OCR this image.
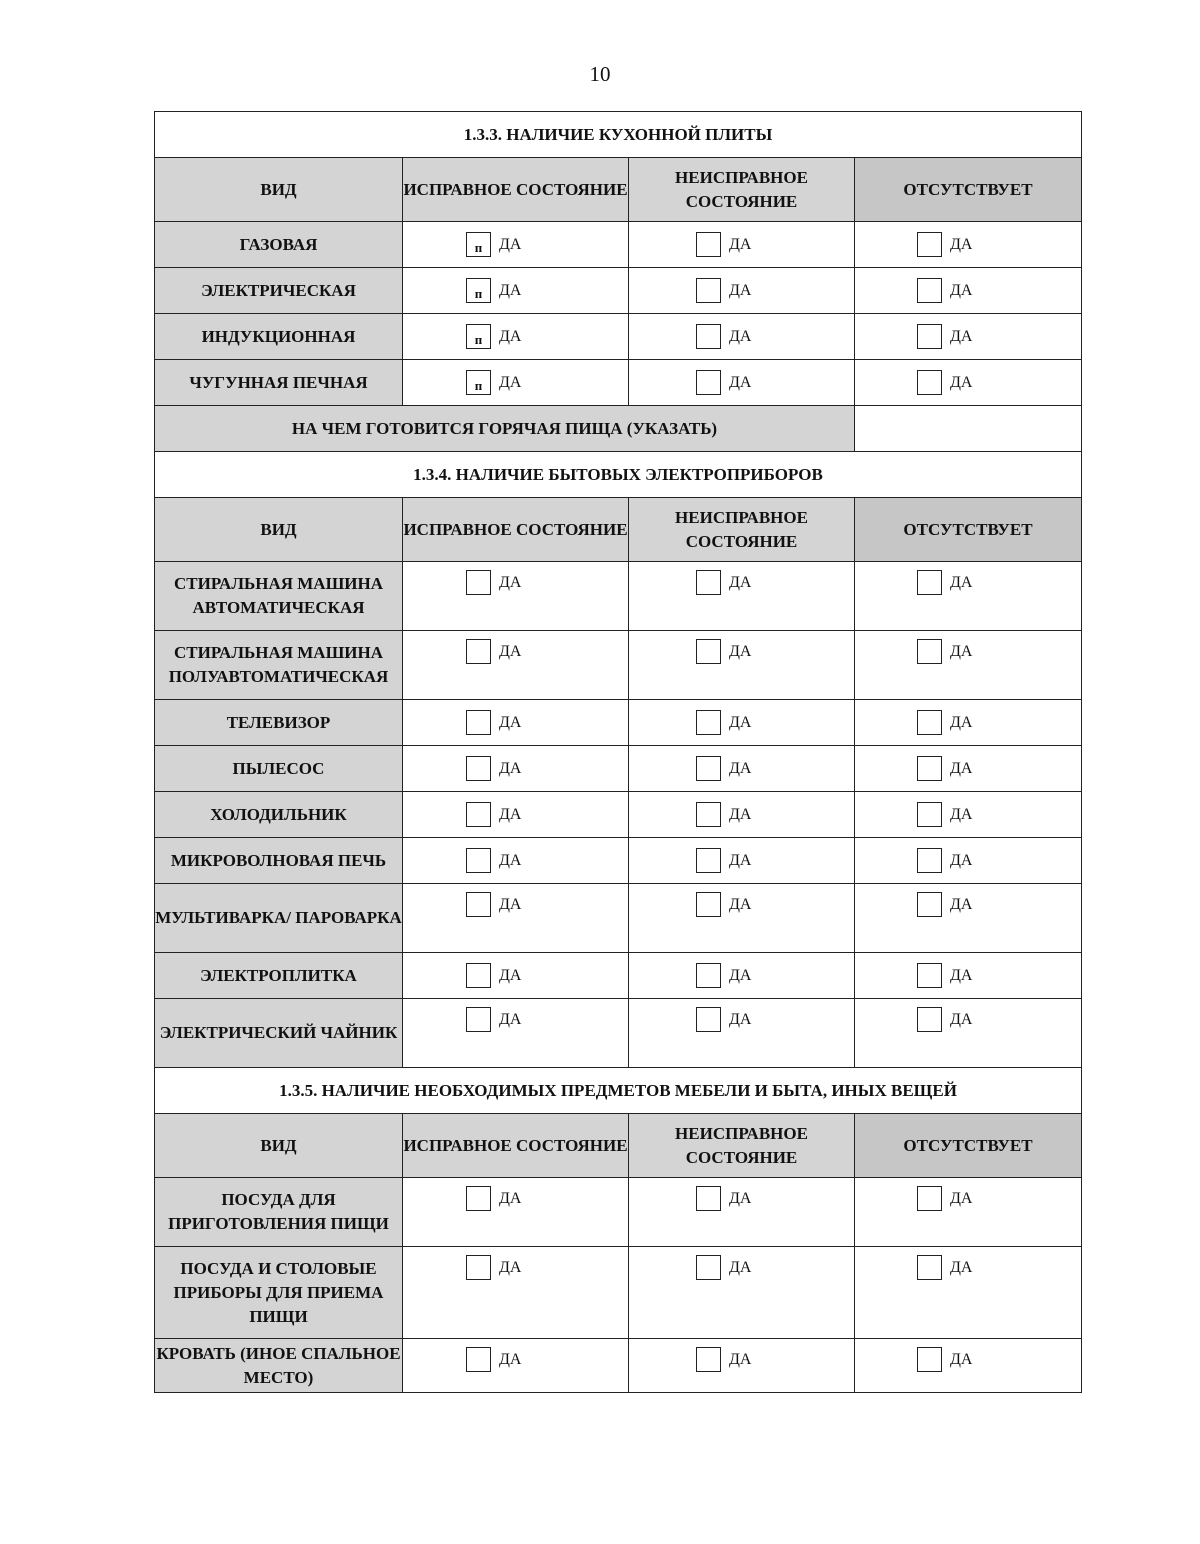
10
1.3.3. НАЛИЧИЕ КУХОННОЙ ПЛИТЫ			
ВИД	ИСПРАВНОЕ СОСТОЯНИЕ	НЕИСПРАВНОЕ СОСТОЯНИЕ	ОТСУТСТВУЕТ
ГАЗОВАЯ	п ДА	ДА	ДА

ЭЛЕКТРИЧЕСКАЯ	п ДА	ДА	ДА

ИНДУКЦИОННАЯ	п ДА	ДА	ДА

ЧУГУННАЯ ПЕЧНАЯ	п ДА	ДА	ДА

НА ЧЕМ ГОТОВИТСЯ ГОРЯЧАЯ ПИЩА (УКАЗАТЬ)			
1.3.4. НАЛИЧИЕ БЫТОВЫХ ЭЛЕКТРОПРИБОРОВ			
ВИД	ИСПРАВНОЕ СОСТОЯНИЕ	НЕИСПРАВНОЕ СОСТОЯНИЕ	ОТСУТСТВУЕТ
СТИРАЛЬНАЯ МАШИНА АВТОМАТИЧЕСКАЯ	ДА	ДА	ДА

СТИРАЛЬНАЯ МАШИНА ПОЛУАВТОМАТИЧЕСКАЯ	ДА	ДА	ДА

ТЕЛЕВИЗОР	ДА	ДА	ДА

ПЫЛЕСОС	ДА	ДА	ДА

ХОЛОДИЛЬНИК	ДА	ДА	ДА

МИКРОВОЛНОВАЯ ПЕЧЬ	ДА	ДА	ДА

МУЛЬТИВАРКА/ ПАРОВАРКА	ДА	ДА	ДА

ЭЛЕКТРОПЛИТКА	ДА	ДА	ДА

ЭЛЕКТРИЧЕСКИЙ ЧАЙНИК	ДА	ДА	ДА

1.3.5. НАЛИЧИЕ НЕОБХОДИМЫХ ПРЕДМЕТОВ МЕБЕЛИ И БЫТА, ИНЫХ ВЕЩЕЙ			
ВИД	ИСПРАВНОЕ СОСТОЯНИЕ	НЕИСПРАВНОЕ СОСТОЯНИЕ	ОТСУТСТВУЕТ
ПОСУДА ДЛЯ ПРИГОТОВЛЕНИЯ ПИЩИ	ДА	ДА	ДА

ПОСУДА И СТОЛОВЫЕ ПРИБОРЫ ДЛЯ ПРИЕМА ПИЩИ	ДА	ДА	ДА

КРОВАТЬ (ИНОЕ СПАЛЬНОЕ МЕСТО)	ДА	ДА	ДА
